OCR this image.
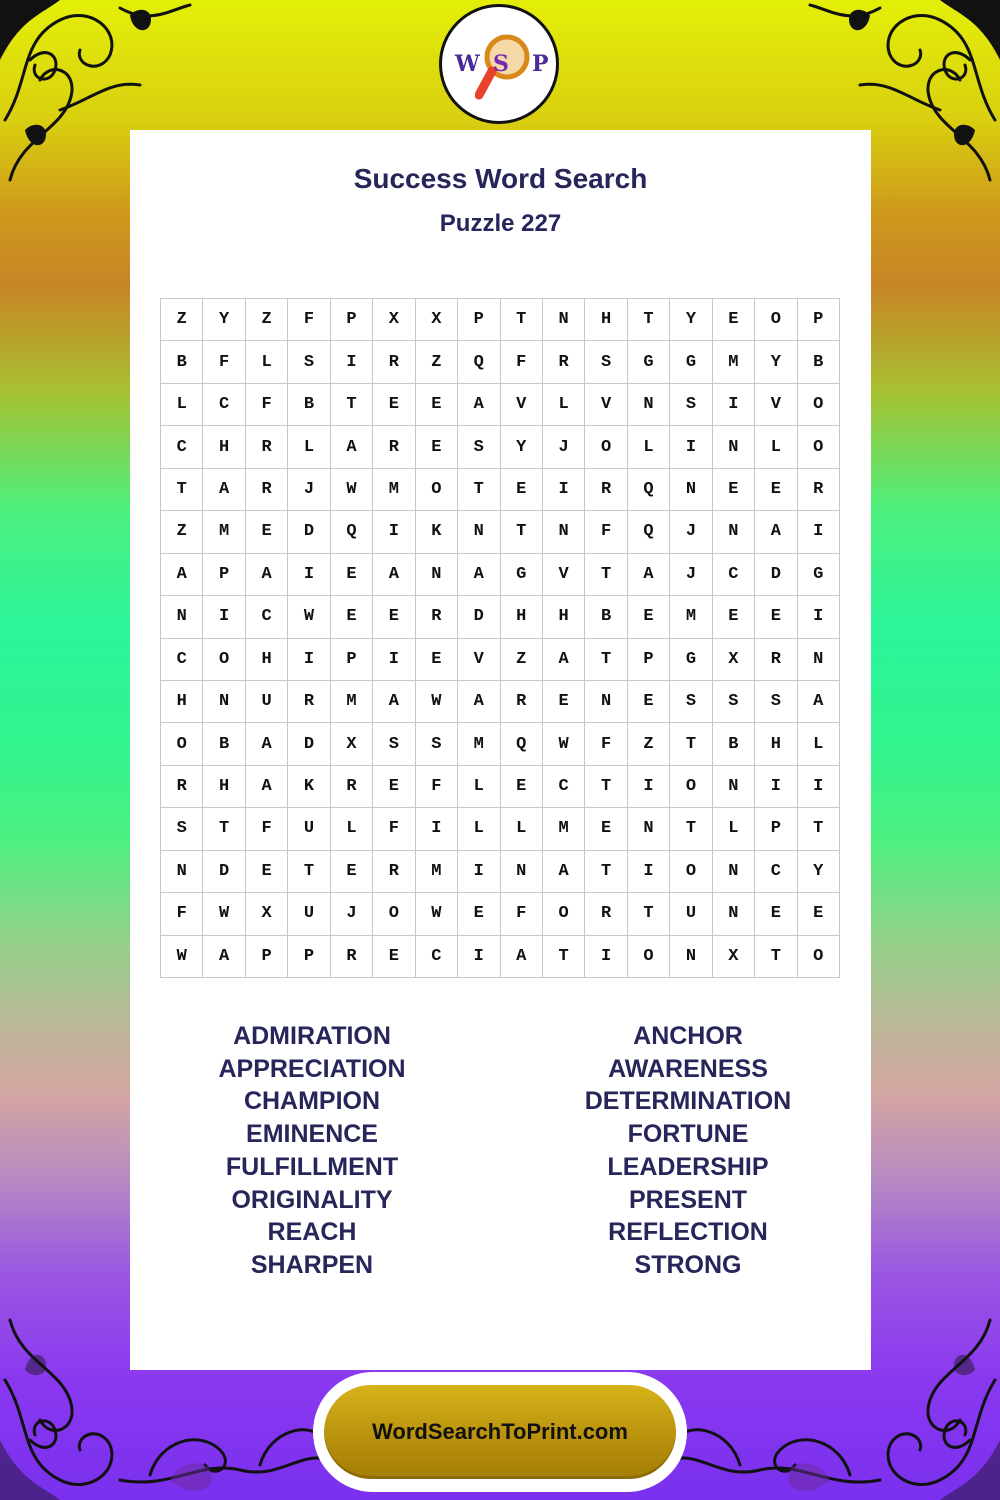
W S P
Success Word Search
Puzzle 227
Z	Y	Z	F	P	X	X	P	T	N	H	T	Y	E	O	P
B	F	L	S	I	R	Z	Q	F	R	S	G	G	M	Y	B
L	C	F	B	T	E	E	A	V	L	V	N	S	I	V	O
C	H	R	L	A	R	E	S	Y	J	O	L	I	N	L	O
T	A	R	J	W	M	O	T	E	I	R	Q	N	E	E	R
Z	M	E	D	Q	I	K	N	T	N	F	Q	J	N	A	I
A	P	A	I	E	A	N	A	G	V	T	A	J	C	D	G
N	I	C	W	E	E	R	D	H	H	B	E	M	E	E	I
C	O	H	I	P	I	E	V	Z	A	T	P	G	X	R	N
H	N	U	R	M	A	W	A	R	E	N	E	S	S	S	A
O	B	A	D	X	S	S	M	Q	W	F	Z	T	B	H	L
R	H	A	K	R	E	F	L	E	C	T	I	O	N	I	I
S	T	F	U	L	F	I	L	L	M	E	N	T	L	P	T
N	D	E	T	E	R	M	I	N	A	T	I	O	N	C	Y
F	W	X	U	J	O	W	E	F	O	R	T	U	N	E	E
W	A	P	P	R	E	C	I	A	T	I	O	N	X	T	O
ADMIRATION
APPRECIATION
CHAMPION
EMINENCE
FULFILLMENT
ORIGINALITY
REACH
SHARPEN
ANCHOR
AWARENESS
DETERMINATION
FORTUNE
LEADERSHIP
PRESENT
REFLECTION
STRONG
WordSearchToPrint.com
